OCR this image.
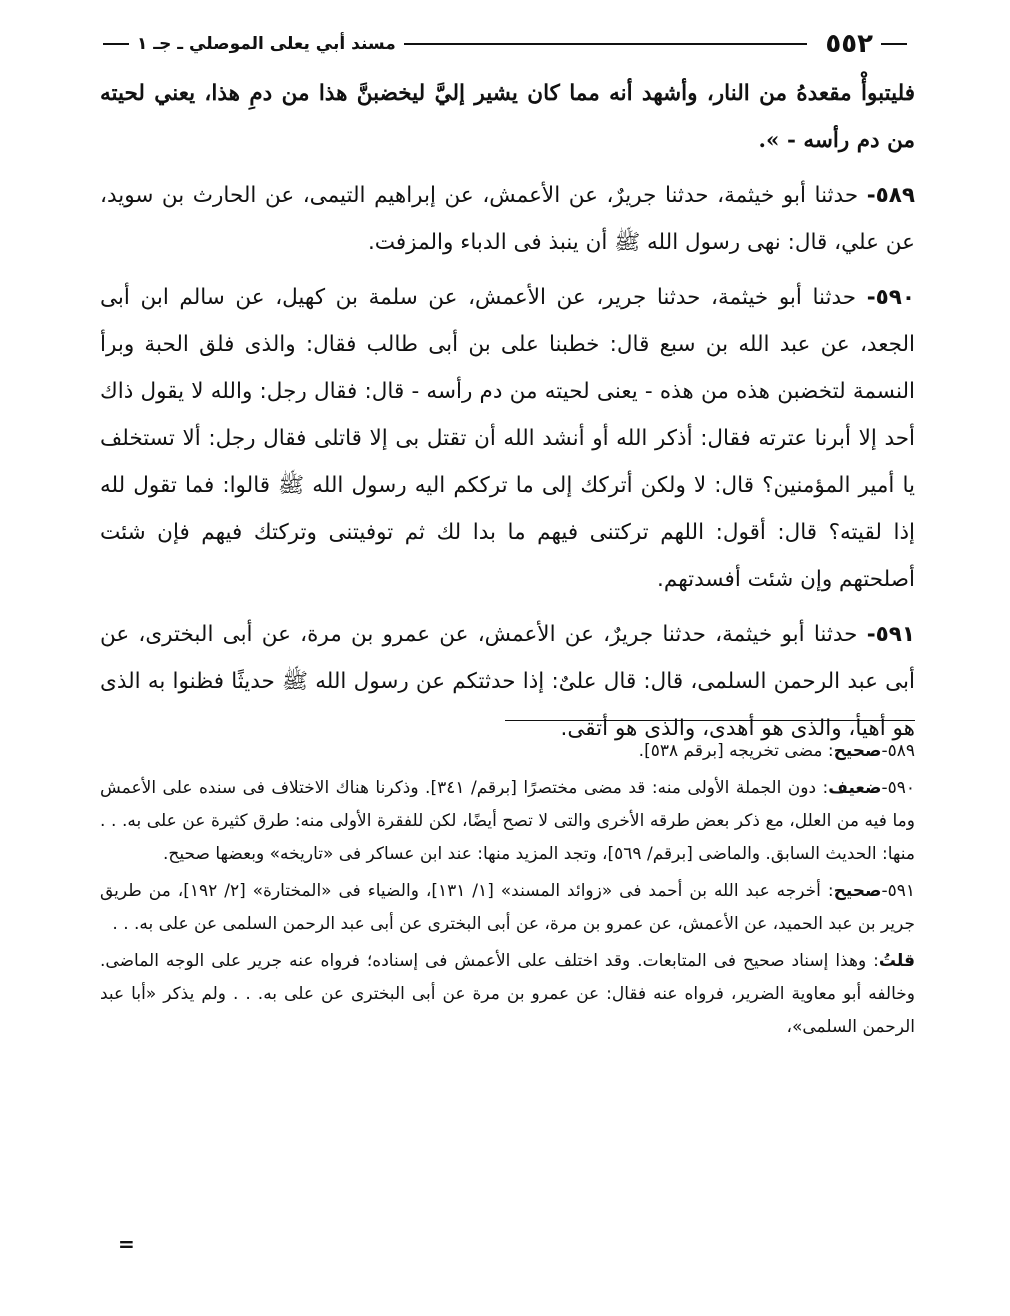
٥٥٢
مسند أبي يعلى الموصلي ـ جـ ١

فليتبوأْ مقعدهُ من النار، وأشهد أنه مما كان يشير إليَّ ليخضبنَّ هذا من دمِ هذا، يعني لحيته من دم رأسه - ».

٥٨٩- حدثنا أبو خيثمة، حدثنا جريرٌ، عن الأعمش، عن إبراهيم التيمى، عن الحارث بن سويد، عن علي، قال: نهى رسول الله ﷺ أن ينبذ فى الدباء والمزفت.

٥٩٠- حدثنا أبو خيثمة، حدثنا جرير، عن الأعمش، عن سلمة بن كهيل، عن سالم ابن أبى الجعد، عن عبد الله بن سبع قال: خطبنا على بن أبى طالب فقال: والذى فلق الحبة وبرأ النسمة لتخضبن هذه من هذه - يعنى لحيته من دم رأسه - قال: فقال رجل: والله لا يقول ذاك أحد إلا أبرنا عترته فقال: أذكر الله أو أنشد الله أن تقتل بى إلا قاتلى فقال رجل: ألا تستخلف يا أمير المؤمنين؟ قال: لا ولكن أتركك إلى ما ترككم اليه رسول الله ﷺ قالوا: فما تقول لله إذا لقيته؟ قال: أقول: اللهم تركتنى فيهم ما بدا لك ثم توفيتنى وتركتك فيهم فإن شئت أصلحتهم وإن شئت أفسدتهم.

٥٩١- حدثنا أبو خيثمة، حدثنا جريرٌ، عن الأعمش، عن عمرو بن مرة، عن أبى البخترى، عن أبى عبد الرحمن السلمى، قال: قال علىٌ: إذا حدثتكم عن رسول الله ﷺ حديثًا فظنوا به الذى هو أهيأ، والذى هو أهدى، والذى هو أتقى.

٥٨٩-صحيح: مضى تخريجه [برقم ٥٣٨].

٥٩٠-ضعيف: دون الجملة الأولى منه: قد مضى مختصرًا [برقم/ ٣٤١]. وذكرنا هناك الاختلاف فى سنده على الأعمش وما فيه من العلل، مع ذكر بعض طرقه الأخرى والتى لا تصح أيضًا، لكن للفقرة الأولى منه: طرق كثيرة عن على به. . . منها: الحديث السابق. والماضى [برقم/ ٥٦٩]، وتجد المزيد منها: عند ابن عساكر فى «تاريخه» وبعضها صحيح.

٥٩١-صحيح: أخرجه عبد الله بن أحمد فى «زوائد المسند» [١/ ١٣١]، والضياء فى «المختارة» [٢/ ١٩٢]، من طريق جرير بن عبد الحميد، عن الأعمش، عن عمرو بن مرة، عن أبى البخترى عن أبى عبد الرحمن السلمى عن على به. . .

قلتُ: وهذا إسناد صحيح فى المتابعات. وقد اختلف على الأعمش فى إسناده؛ فرواه عنه جرير على الوجه الماضى. وخالفه أبو معاوية الضرير، فرواه عنه فقال: عن عمرو بن مرة عن أبى البخترى عن على به. . . ولم يذكر «أبا عبد الرحمن السلمى»،

=
